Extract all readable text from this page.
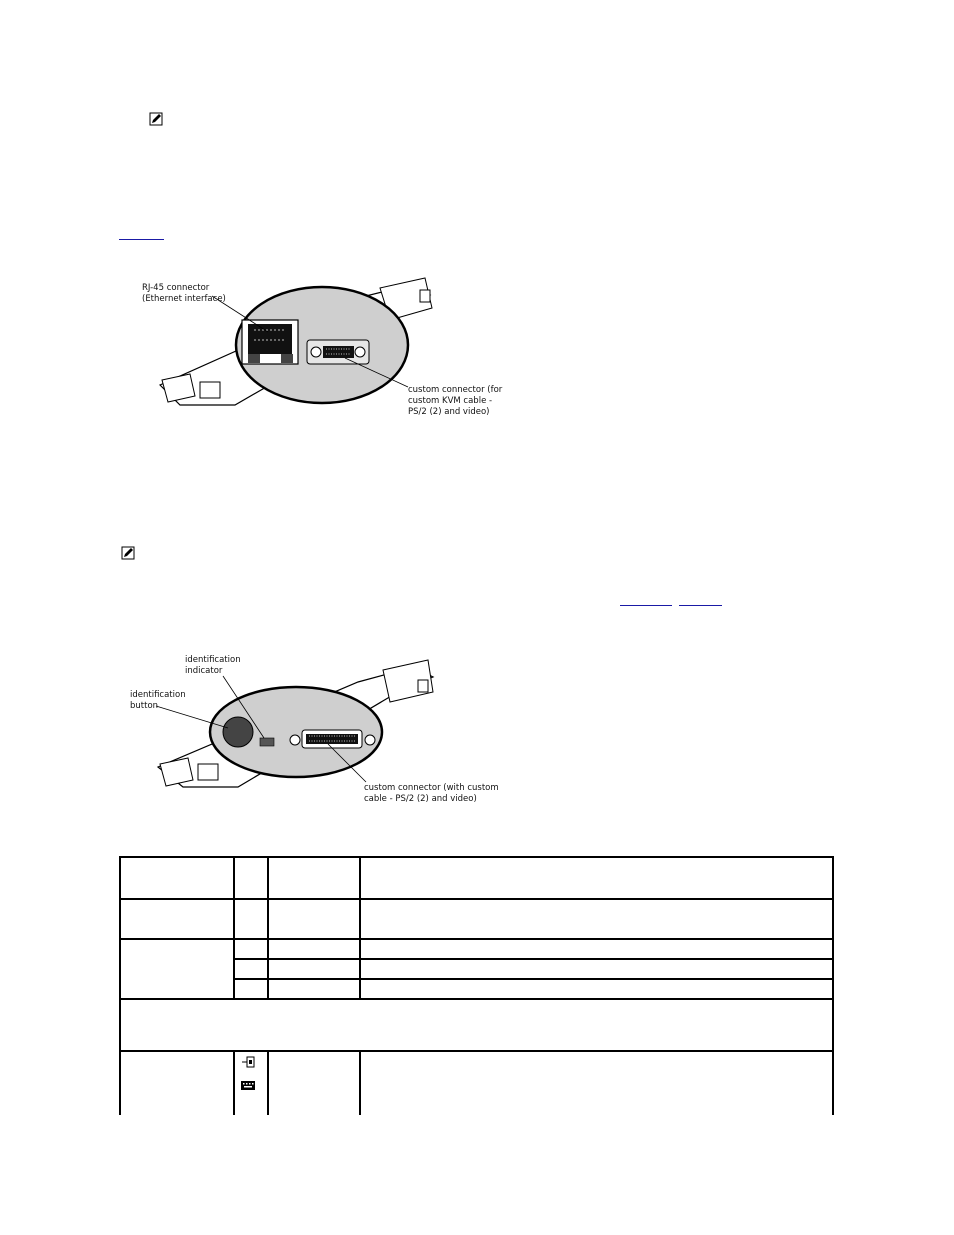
RJ-45 connector
(Ethernet interface)
custom connector (for
custom KVM cable -
PS/2 (2) and video)
identification
indicator
identification
button
custom connector (with custom
cable - PS/2 (2) and video)
